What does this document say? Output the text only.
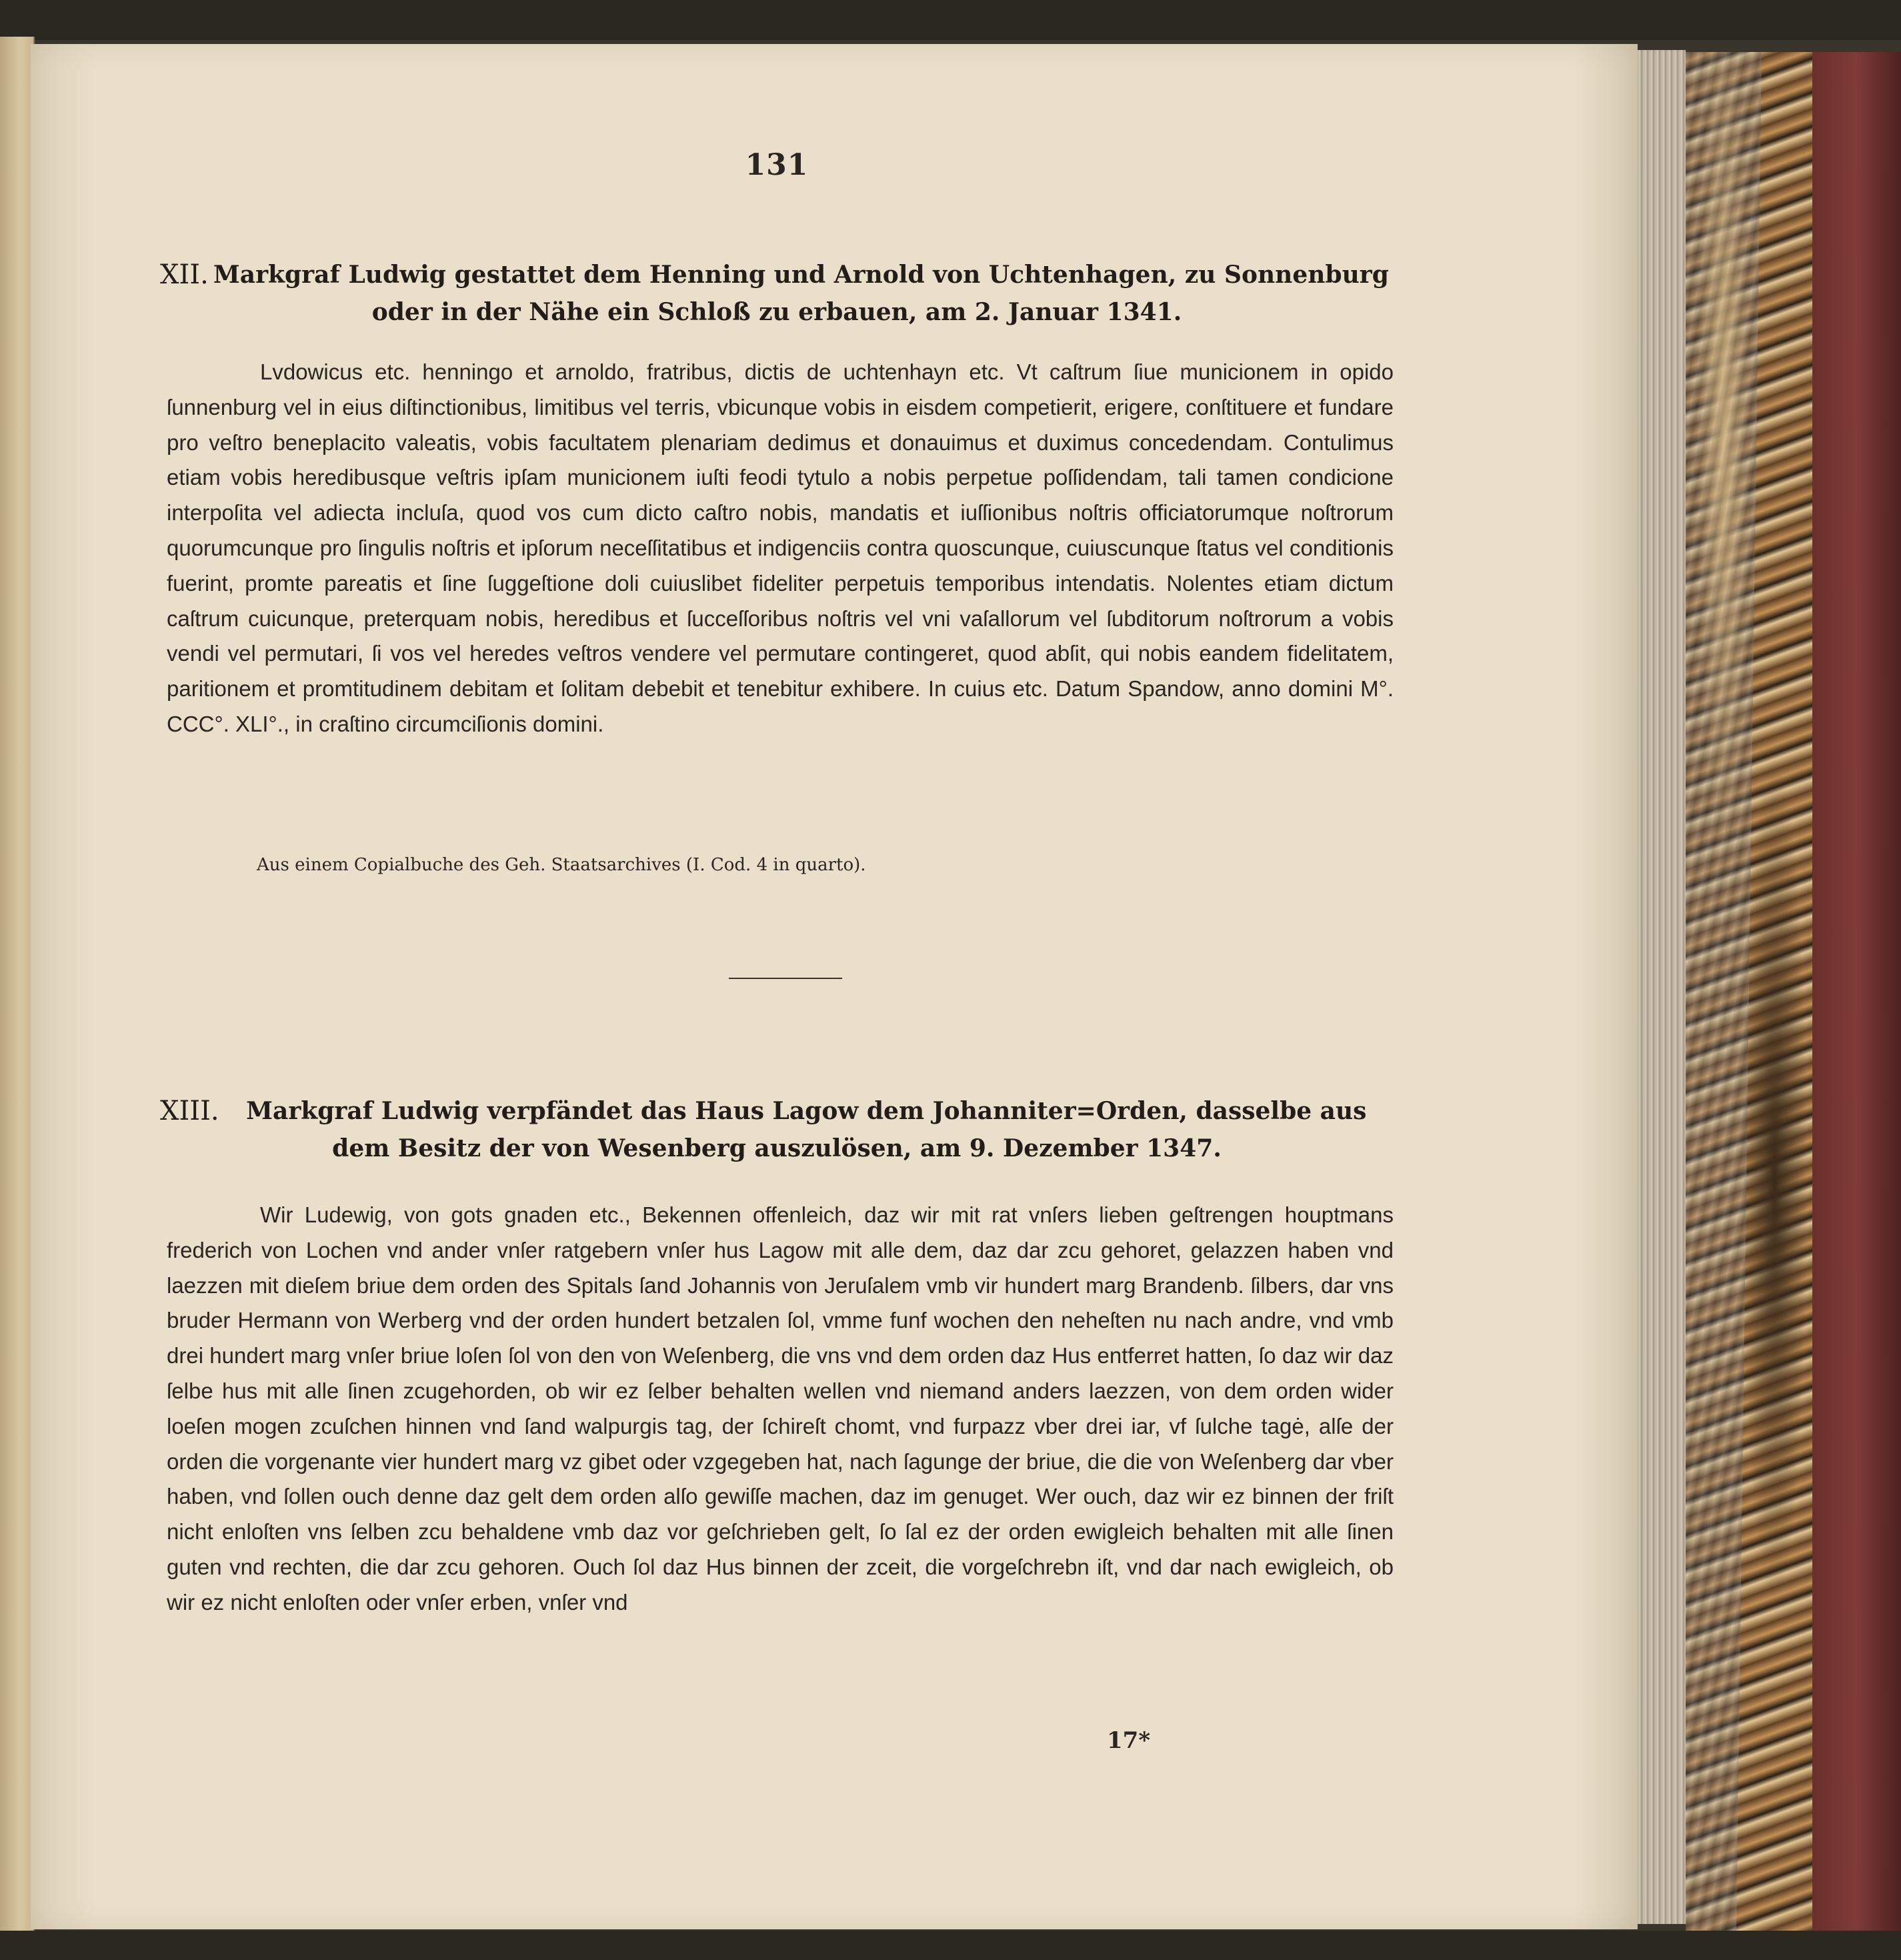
131
XII. Markgraf Ludwig gestattet dem Henning und Arnold von Uchtenhagen, zu Sonnenburg oder in der Nähe ein Schloß zu erbauen, am 2. Januar 1341.

Lvdowicus etc. henningo et arnoldo, fratribus, dictis de uchtenhayn etc. Vt caſtrum ſiue municionem in opido ſunnenburg vel in eius diſtinctionibus, limitibus vel terris, vbicunque vobis in eisdem competierit, erigere, conſtituere et fundare pro veſtro beneplacito valeatis, vobis facultatem plenariam dedimus et donauimus et duximus concedendam. Contulimus etiam vobis heredibusque veſtris ipſam municionem iuſti feodi tytulo a nobis perpetue poſſidendam, tali tamen condicione interpoſita vel adiecta incluſa, quod vos cum dicto caſtro nobis, mandatis et iuſſionibus noſtris officiatorumque noſtrorum quorumcunque pro ſingulis noſtris et ipſorum neceſſitatibus et indigenciis contra quoscunque, cuiuscunque ſtatus vel conditionis fuerint, promte pareatis et ſine ſuggeſtione doli cuiuslibet fideliter perpetuis temporibus intendatis. Nolentes etiam dictum caſtrum cuicunque, preterquam nobis, heredibus et ſucceſſoribus noſtris vel vni vaſallorum vel ſubditorum noſtrorum a vobis vendi vel permutari, ſi vos vel heredes veſtros vendere vel permutare contingeret, quod abſit, qui nobis eandem fidelitatem, paritionem et promtitudinem debitam et ſolitam debebit et tenebitur exhibere. In cuius etc. Datum Spandow, anno domini M°. CCC°. XLI°., in craſtino circumciſionis domini.

Aus einem Copialbuche des Geh. Staatsarchives (I. Cod. 4 in quarto).
XIII. Markgraf Ludwig verpfändet das Haus Lagow dem Johanniter=Orden, dasselbe aus dem Besitz der von Wesenberg auszulösen, am 9. Dezember 1347.

Wir Ludewig, von gots gnaden etc., Bekennen offenleich, daz wir mit rat vnſers lieben geſtrengen houptmans frederich von Lochen vnd ander vnſer ratgebern vnſer hus Lagow mit alle dem, daz dar zcu gehoret, gelazzen haben vnd laezzen mit dieſem briue dem orden des Spitals ſand Johannis von Jeruſalem vmb vir hundert marg Brandenb. ſilbers, dar vns bruder Hermann von Werberg vnd der orden hundert betzalen ſol, vmme funf wochen den neheſten nu nach andre, vnd vmb drei hundert marg vnſer briue loſen ſol von den von Weſenberg, die vns vnd dem orden daz Hus entferret hatten, ſo daz wir daz ſelbe hus mit alle ſinen zcugehorden, ob wir ez ſelber behalten wellen vnd niemand anders laezzen, von dem orden wider loeſen mogen zcuſchen hinnen vnd ſand walpurgis tag, der ſchireſt chomt, vnd furpazz vber drei iar, vf ſulche tagė, alſe der orden die vorgenante vier hundert marg vz gibet oder vzgegeben hat, nach ſagunge der briue, die die von Weſenberg dar vber haben, vnd ſollen ouch denne daz gelt dem orden alſo gewiſſe machen, daz im genuget. Wer ouch, daz wir ez binnen der friſt nicht enloſten vns ſelben zcu behaldene vmb daz vor geſchrieben gelt, ſo ſal ez der orden ewigleich behalten mit alle ſinen guten vnd rechten, die dar zcu gehoren. Ouch ſol daz Hus binnen der zceit, die vorgeſchrebn iſt, vnd dar nach ewigleich, ob wir ez nicht enloſten oder vnſer erben, vnſer vnd

17*
